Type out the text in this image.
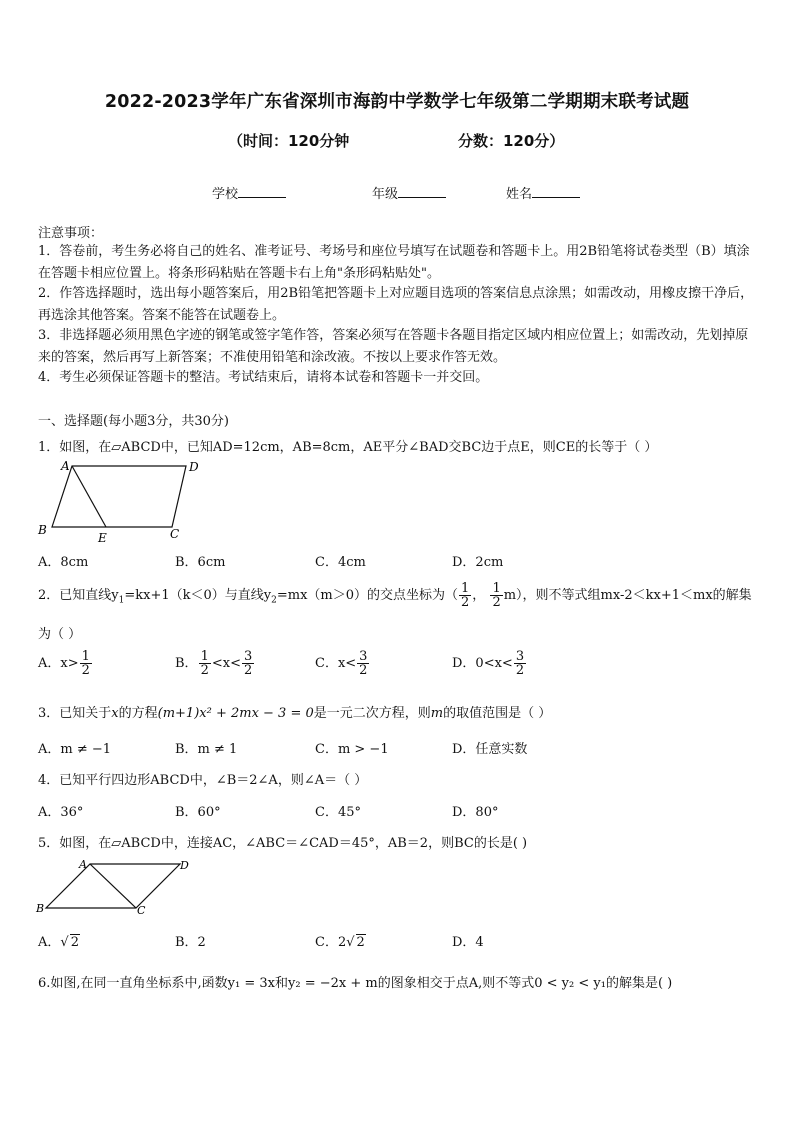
2022-2023学年广东省深圳市海韵中学数学七年级第二学期期末联考试题
（时间：120分钟	分数：120分）
学校	年级	姓名
注意事项：
1．答卷前，考生务必将自己的姓名、准考证号、考场号和座位号填写在试题卷和答题卡上。用2B铅笔将试卷类型（B）填涂在答题卡相应位置上。将条形码粘贴在答题卡右上角"条形码粘贴处"。
2．作答选择题时，选出每小题答案后，用2B铅笔把答题卡上对应题目选项的答案信息点涂黑；如需改动，用橡皮擦干净后，再选涂其他答案。答案不能答在试题卷上。
3．非选择题必须用黑色字迹的钢笔或签字笔作答，答案必须写在答题卡各题目指定区域内相应位置上；如需改动，先划掉原来的答案，然后再写上新答案；不准使用铅笔和涂改液。不按以上要求作答无效。
4．考生必须保证答题卡的整洁。考试结束后，请将本试卷和答题卡一并交回。
一、选择题(每小题3分，共30分)
1．如图，在▱ABCD中，已知AD=12cm，AB=8cm，AE平分∠BAD交BC边于点E，则CE的长等于（ ）
A	D
B	C
E
A．8cm	B．6cm	C．4cm	D．2cm
2．已知直线$y_1=kx+1(k<0)$与直线$y_2=mx(m>0)$的交点坐标为（ $\frac{1}{2}$ ， $\frac{1}{2} m$），则不等式组mx-2＜kx+1＜mx的解集
为（ ）
A．$x> \frac{1}{2}$	B． $\frac{1}{2} <x< \frac{3}{2}$	C．$x< \frac{3}{2}$	D．$0<x< \frac{3}{2}$
3．已知关于x的方程(m+1)x² + 2mx − 3 = 0是一元二次方程，则m的取值范围是（ ）
A．m ≠ −1	B．m ≠ 1	C．m > −1	D．任意实数
4．已知平行四边形ABCD中，∠B＝2∠A，则∠A＝（ ）
A．36°	B．60°	C．45°	D．80°
5．如图，在▱ABCD中，连接AC，∠ABC＝∠CAD＝45°，AB＝2，则BC的长是( )
A	D
B	C
A．√ 2	B．2	C．2√ 2	D．4
6.如图,在同一直角坐标系中,函数y₁ = 3x和y₂ = −2x + m的图象相交于点A,则不等式0 < y₂ < y₁的解集是( )
